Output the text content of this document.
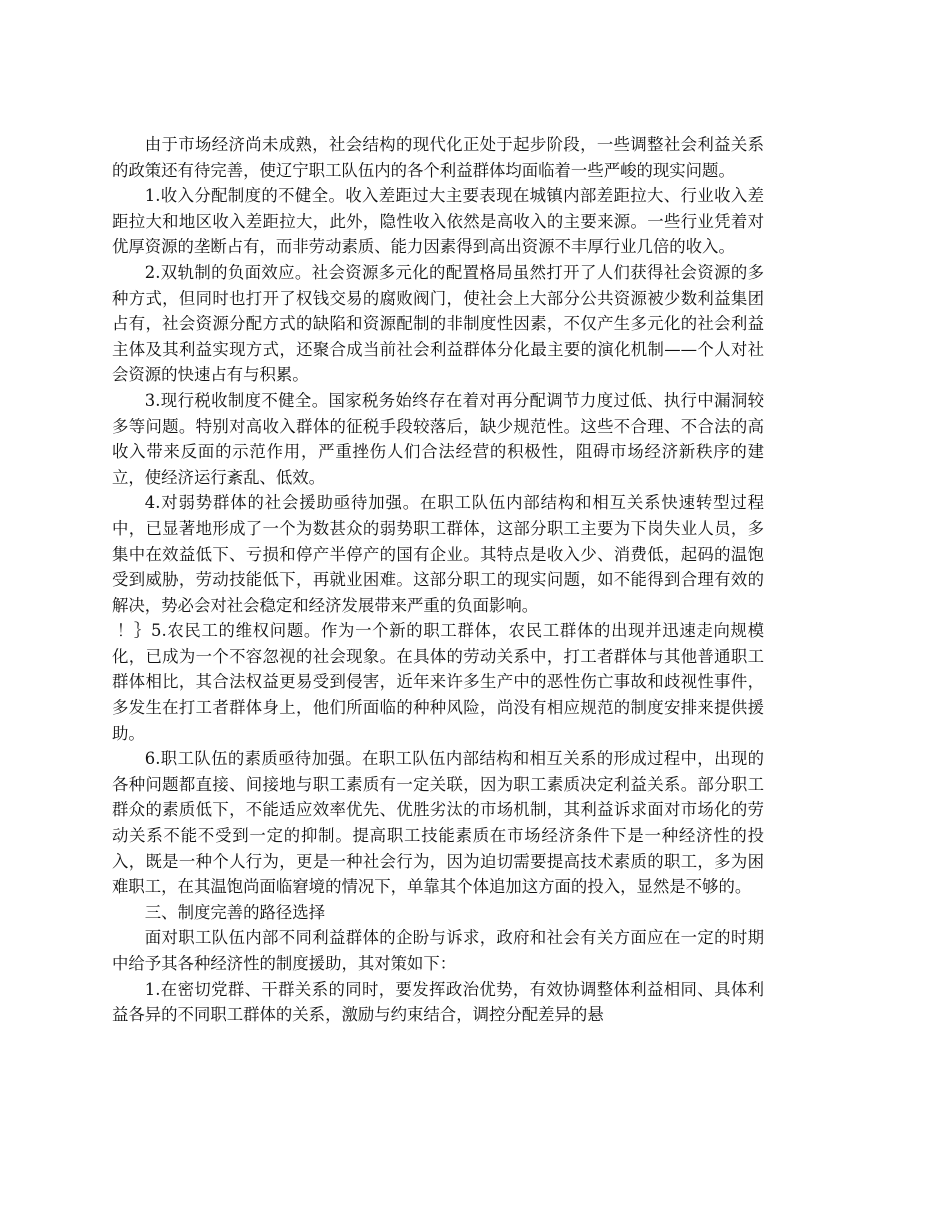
由于市场经济尚未成熟，社会结构的现代化正处于起步阶段，一些调整社会利益关系的政策还有待完善，使辽宁职工队伍内的各个利益群体均面临着一些严峻的现实问题。

1.收入分配制度的不健全。收入差距过大主要表现在城镇内部差距拉大、行业收入差距拉大和地区收入差距拉大，此外，隐性收入依然是高收入的主要来源。一些行业凭着对优厚资源的垄断占有，而非劳动素质、能力因素得到高出资源不丰厚行业几倍的收入。

2.双轨制的负面效应。社会资源多元化的配置格局虽然打开了人们获得社会资源的多种方式，但同时也打开了权钱交易的腐败阀门，使社会上大部分公共资源被少数利益集团占有，社会资源分配方式的缺陷和资源配制的非制度性因素，不仅产生多元化的社会利益主体及其利益实现方式，还聚合成当前社会利益群体分化最主要的演化机制——个人对社会资源的快速占有与积累。

3.现行税收制度不健全。国家税务始终存在着对再分配调节力度过低、执行中漏洞较多等问题。特别对高收入群体的征税手段较落后，缺少规范性。这些不合理、不合法的高收入带来反面的示范作用，严重挫伤人们合法经营的积极性，阻碍市场经济新秩序的建立，使经济运行紊乱、低效。

4.对弱势群体的社会援助亟待加强。在职工队伍内部结构和相互关系快速转型过程中，已显著地形成了一个为数甚众的弱势职工群体，这部分职工主要为下岗失业人员，多集中在效益低下、亏损和停产半停产的国有企业。其特点是收入少、消费低，起码的温饱受到威胁，劳动技能低下，再就业困难。这部分职工的现实问题，如不能得到合理有效的解决，势必会对社会稳定和经济发展带来严重的负面影响。

！｝5.农民工的维权问题。作为一个新的职工群体，农民工群体的出现并迅速走向规模化，已成为一个不容忽视的社会现象。在具体的劳动关系中，打工者群体与其他普通职工群体相比，其合法权益更易受到侵害，近年来许多生产中的恶性伤亡事故和歧视性事件，多发生在打工者群体身上，他们所面临的种种风险，尚没有相应规范的制度安排来提供援助。

6.职工队伍的素质亟待加强。在职工队伍内部结构和相互关系的形成过程中，出现的各种问题都直接、间接地与职工素质有一定关联，因为职工素质决定利益关系。部分职工群众的素质低下，不能适应效率优先、优胜劣汰的市场机制，其利益诉求面对市场化的劳动关系不能不受到一定的抑制。提高职工技能素质在市场经济条件下是一种经济性的投入，既是一种个人行为，更是一种社会行为，因为迫切需要提高技术素质的职工，多为困难职工，在其温饱尚面临窘境的情况下，单靠其个体追加这方面的投入，显然是不够的。

三、制度完善的路径选择

面对职工队伍内部不同利益群体的企盼与诉求，政府和社会有关方面应在一定的时期中给予其各种经济性的制度援助，其对策如下：

1.在密切党群、干群关系的同时，要发挥政治优势，有效协调整体利益相同、具体利益各异的不同职工群体的关系，激励与约束结合，调控分配差异的悬
